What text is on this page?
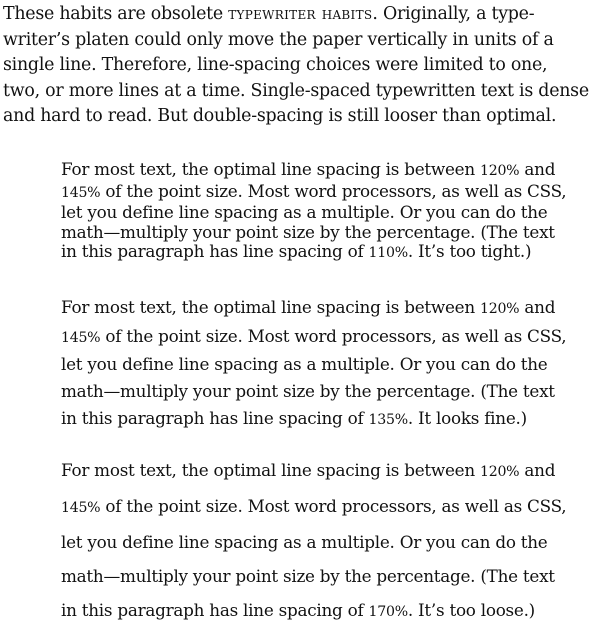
These habits are obsolete typewriter habits. Originally, a type-
writer’s platen could only move the paper vertically in units of a
single line. Therefore, line-spacing choices were limited to one,
two, or more lines at a time. Single-spaced typewritten text is dense
and hard to read. But double-spacing is still looser than optimal.

For most text, the optimal line spacing is between 120% and
145% of the point size. Most word processors, as well as CSS,
let you define line spacing as a multiple. Or you can do the
math—multiply your point size by the percentage. (The text
in this paragraph has line spacing of 110%. It’s too tight.)

For most text, the optimal line spacing is between 120% and
145% of the point size. Most word processors, as well as CSS,
let you define line spacing as a multiple. Or you can do the
math—multiply your point size by the percentage. (The text
in this paragraph has line spacing of 135%. It looks fine.)

For most text, the optimal line spacing is between 120% and
145% of the point size. Most word processors, as well as CSS,
let you define line spacing as a multiple. Or you can do the
math—multiply your point size by the percentage. (The text
in this paragraph has line spacing of 170%. It’s too loose.)
